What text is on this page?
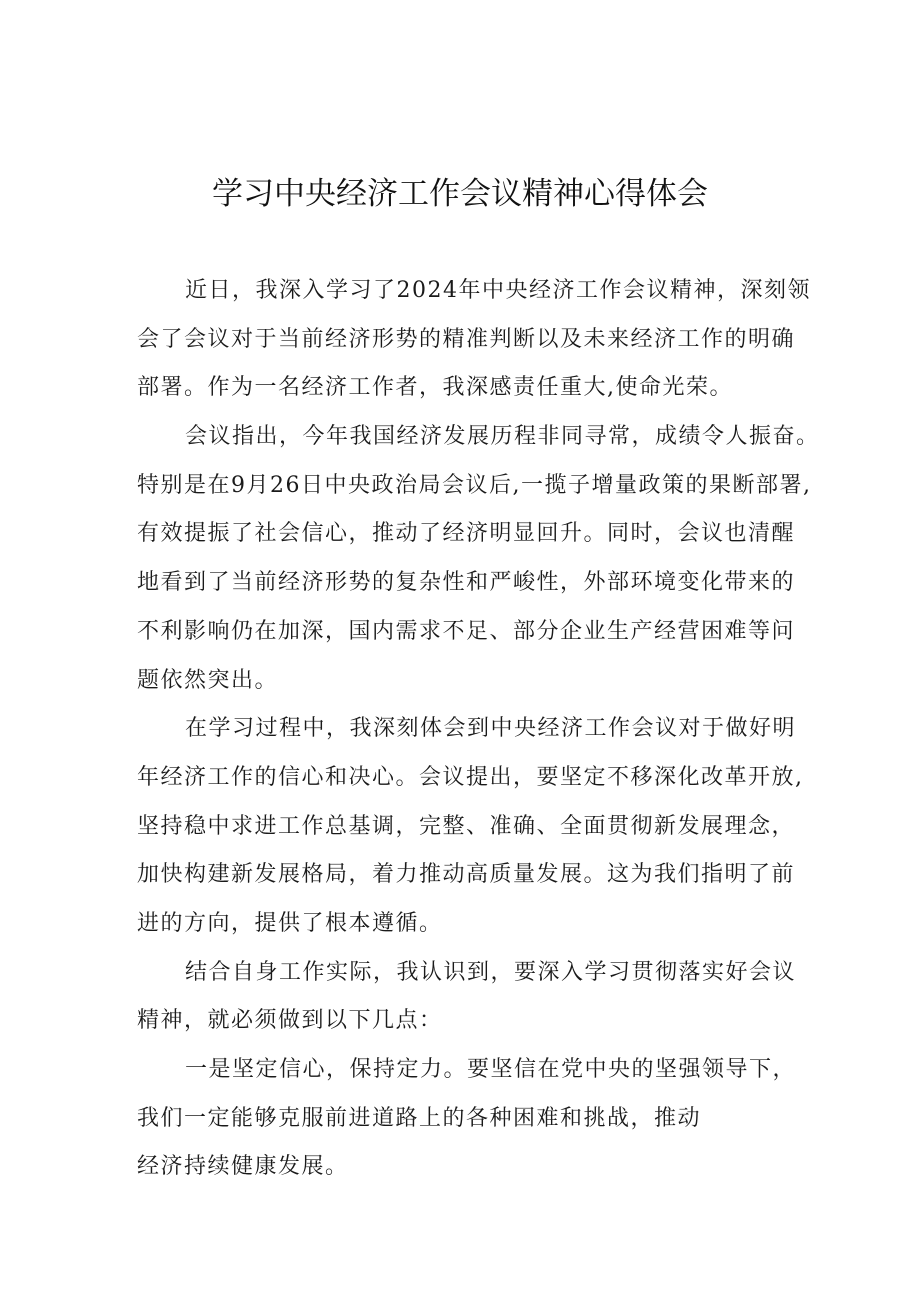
学习中央经济工作会议精神心得体会
近日，我深入学习了2024年中央经济工作会议精神，深刻领
会了会议对于当前经济形势的精准判断以及未来经济工作的明确
部署。作为一名经济工作者，我深感责任重大,使命光荣。
会议指出，今年我国经济发展历程非同寻常，成绩令人振奋。
特别是在9月26日中央政治局会议后,一揽子增量政策的果断部署,
有效提振了社会信心，推动了经济明显回升。同时，会议也清醒
地看到了当前经济形势的复杂性和严峻性，外部环境变化带来的
不利影响仍在加深，国内需求不足、部分企业生产经营困难等问
题依然突出。
在学习过程中，我深刻体会到中央经济工作会议对于做好明
年经济工作的信心和决心。会议提出，要坚定不移深化改革开放,
坚持稳中求进工作总基调，完整、准确、全面贯彻新发展理念，
加快构建新发展格局，着力推动高质量发展。这为我们指明了前
进的方向，提供了根本遵循。
结合自身工作实际，我认识到，要深入学习贯彻落实好会议
精神，就必须做到以下几点：
一是坚定信心，保持定力。要坚信在党中央的坚强领导下，
我们一定能够克服前进道路上的各种困难和挑战，推动
经济持续健康发展。
